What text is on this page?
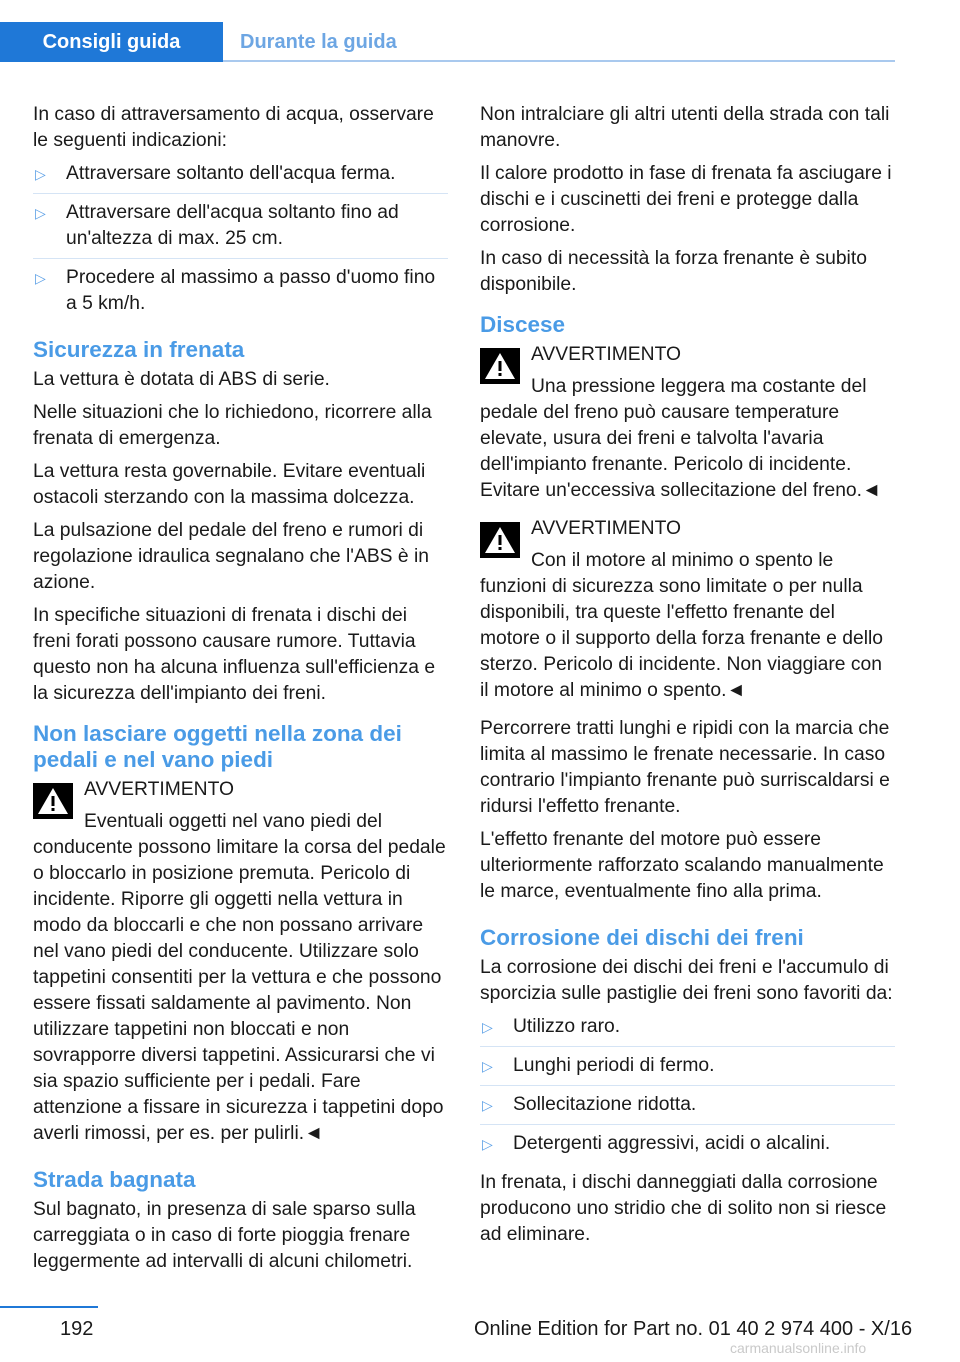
Consigli guida	Durante la guida

In caso di attraversamento di acqua, osservare le seguenti indicazioni:

▷ Attraversare soltanto dell'acqua ferma.
▷ Attraversare dell'acqua soltanto fino ad un'altezza di max. 25 cm.
▷ Procedere al massimo a passo d'uomo fino a 5 km/h.
Sicurezza in frenata

La vettura è dotata di ABS di serie.

Nelle situazioni che lo richiedono, ricorrere alla frenata di emergenza.

La vettura resta governabile. Evitare eventuali ostacoli sterzando con la massima dolcezza.

La pulsazione del pedale del freno e rumori di regolazione idraulica segnalano che l'ABS è in azione.

In specifiche situazioni di frenata i dischi dei freni forati possono causare rumore. Tuttavia questo non ha alcuna influenza sull'efficienza e la sicurezza dell'impianto dei freni.

Non lasciare oggetti nella zona dei pedali e nel vano piedi
AVVERTIMENTO
Eventuali oggetti nel vano piedi del conducente possono limitare la corsa del pedale o bloccarlo in posizione premuta. Pericolo di incidente. Riporre gli oggetti nella vettura in modo da bloccarli e che non possano arrivare nel vano piedi del conducente. Utilizzare solo tappetini consentiti per la vettura e che possono essere fissati saldamente al pavimento. Non utilizzare tappetini non bloccati e non sovrapporre diversi tappetini. Assicurarsi che vi sia spazio sufficiente per i pedali. Fare attenzione a fissare in sicurezza i tappetini dopo averli rimossi, per es. per pulirli.◄
Strada bagnata

Sul bagnato, in presenza di sale sparso sulla carreggiata o in caso di forte pioggia frenare leggermente ad intervalli di alcuni chilometri.

Non intralciare gli altri utenti della strada con tali manovre.

Il calore prodotto in fase di frenata fa asciugare i dischi e i cuscinetti dei freni e protegge dalla corrosione.

In caso di necessità la forza frenante è subito disponibile.

Discese
AVVERTIMENTO
Una pressione leggera ma costante del pedale del freno può causare temperature elevate, usura dei freni e talvolta l'avaria dell'impianto frenante. Pericolo di incidente. Evitare un'eccessiva sollecitazione del freno.◄
AVVERTIMENTO
Con il motore al minimo o spento le funzioni di sicurezza sono limitate o per nulla disponibili, tra queste l'effetto frenante del motore o il supporto della forza frenante e dello sterzo. Pericolo di incidente. Non viaggiare con il motore al minimo o spento.◄

Percorrere tratti lunghi e ripidi con la marcia che limita al massimo le frenate necessarie. In caso contrario l'impianto frenante può surriscaldarsi e ridursi l'effetto frenante.

L'effetto frenante del motore può essere ulteriormente rafforzato scalando manualmente le marce, eventualmente fino alla prima.

Corrosione dei dischi dei freni

La corrosione dei dischi dei freni e l'accumulo di sporcizia sulle pastiglie dei freni sono favoriti da:

▷ Utilizzo raro.
▷ Lunghi periodi di fermo.
▷ Sollecitazione ridotta.
▷ Detergenti aggressivi, acidi o alcalini.

In frenata, i dischi danneggiati dalla corrosione producono uno stridio che di solito non si riesce ad eliminare.

192	Online Edition for Part no. 01 40 2 974 400 - X/16
carmanualsonline.info
